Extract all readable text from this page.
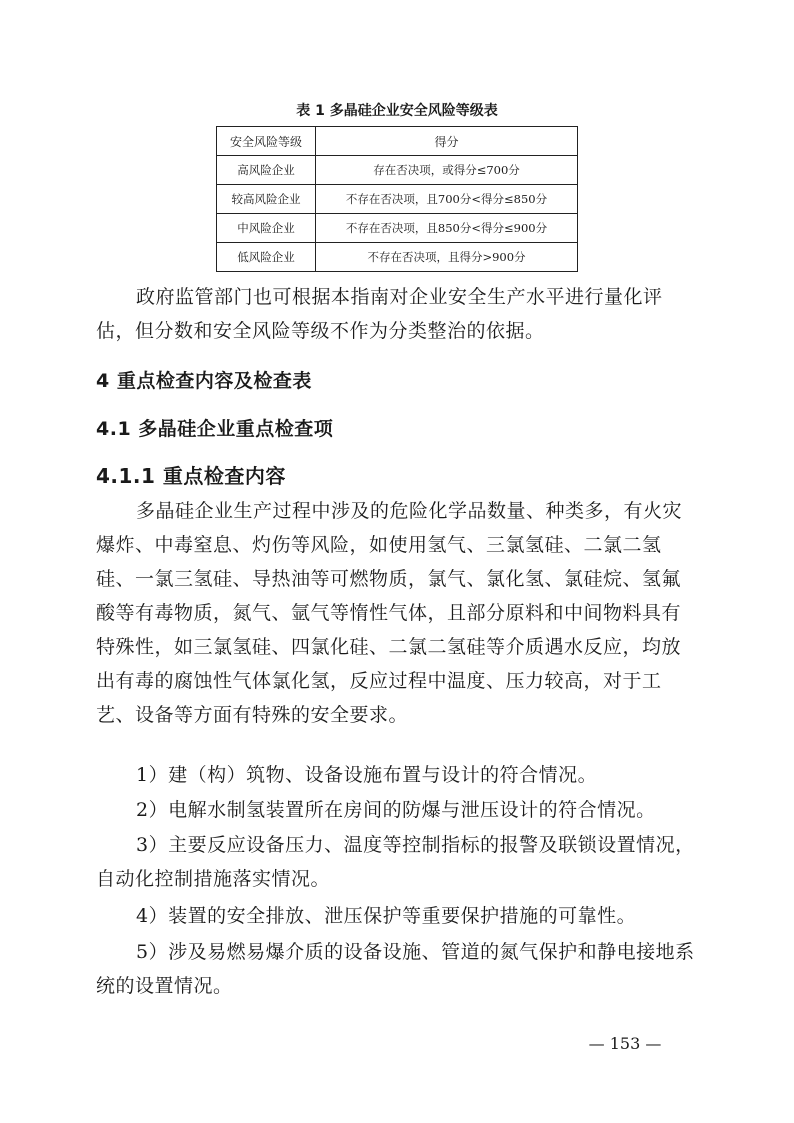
表 1 多晶硅企业安全风险等级表
安全风险等级	得分
高风险企业	存在否决项，或得分≤700分
较高风险企业	不存在否决项，且700分<得分≤850分
中风险企业	不存在否决项，且850分<得分≤900分
低风险企业	不存在否决项，且得分>900分
政府监管部门也可根据本指南对企业安全生产水平进行量化评估，但分数和安全风险等级不作为分类整治的依据。
4 重点检查内容及检查表
4.1 多晶硅企业重点检查项
4.1.1 重点检查内容
多晶硅企业生产过程中涉及的危险化学品数量、种类多，有火灾爆炸、中毒窒息、灼伤等风险，如使用氢气、三氯氢硅、二氯二氢硅、一氯三氢硅、导热油等可燃物质，氯气、氯化氢、氯硅烷、氢氟酸等有毒物质，氮气、氩气等惰性气体，且部分原料和中间物料具有特殊性，如三氯氢硅、四氯化硅、二氯二氢硅等介质遇水反应，均放出有毒的腐蚀性气体氯化氢，反应过程中温度、压力较高，对于工艺、设备等方面有特殊的安全要求。
1）建（构）筑物、设备设施布置与设计的符合情况。
2）电解水制氢装置所在房间的防爆与泄压设计的符合情况。
3）主要反应设备压力、温度等控制指标的报警及联锁设置情况，自动化控制措施落实情况。
4）装置的安全排放、泄压保护等重要保护措施的可靠性。
5）涉及易燃易爆介质的设备设施、管道的氮气保护和静电接地系统的设置情况。
— 153 —
